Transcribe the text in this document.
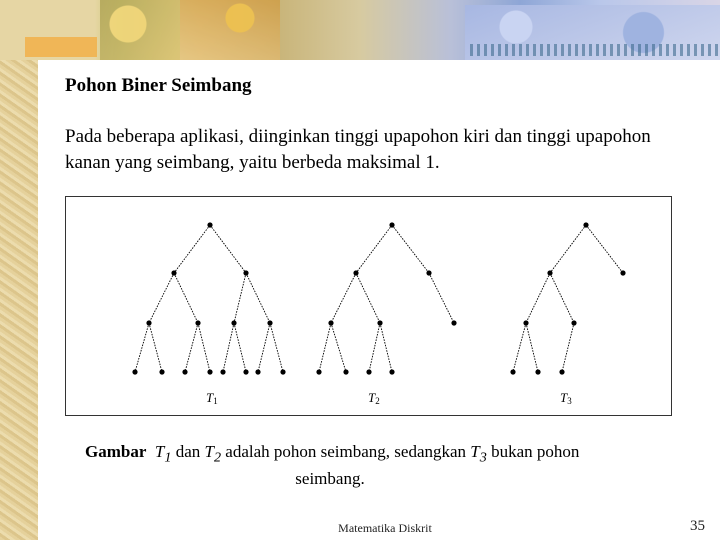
Pohon Biner Seimbang

Pada beberapa aplikasi, diinginkan tinggi upapohon kiri dan tinggi upapohon kanan yang seimbang, yaitu berbeda maksimal 1.

T1	T2	T3

Gambar $T_1$ dan $T_2$ adalah pohon seimbang, sedangkan $T_3$ bukan pohon
seimbang.

Matematika Diskrit	35
